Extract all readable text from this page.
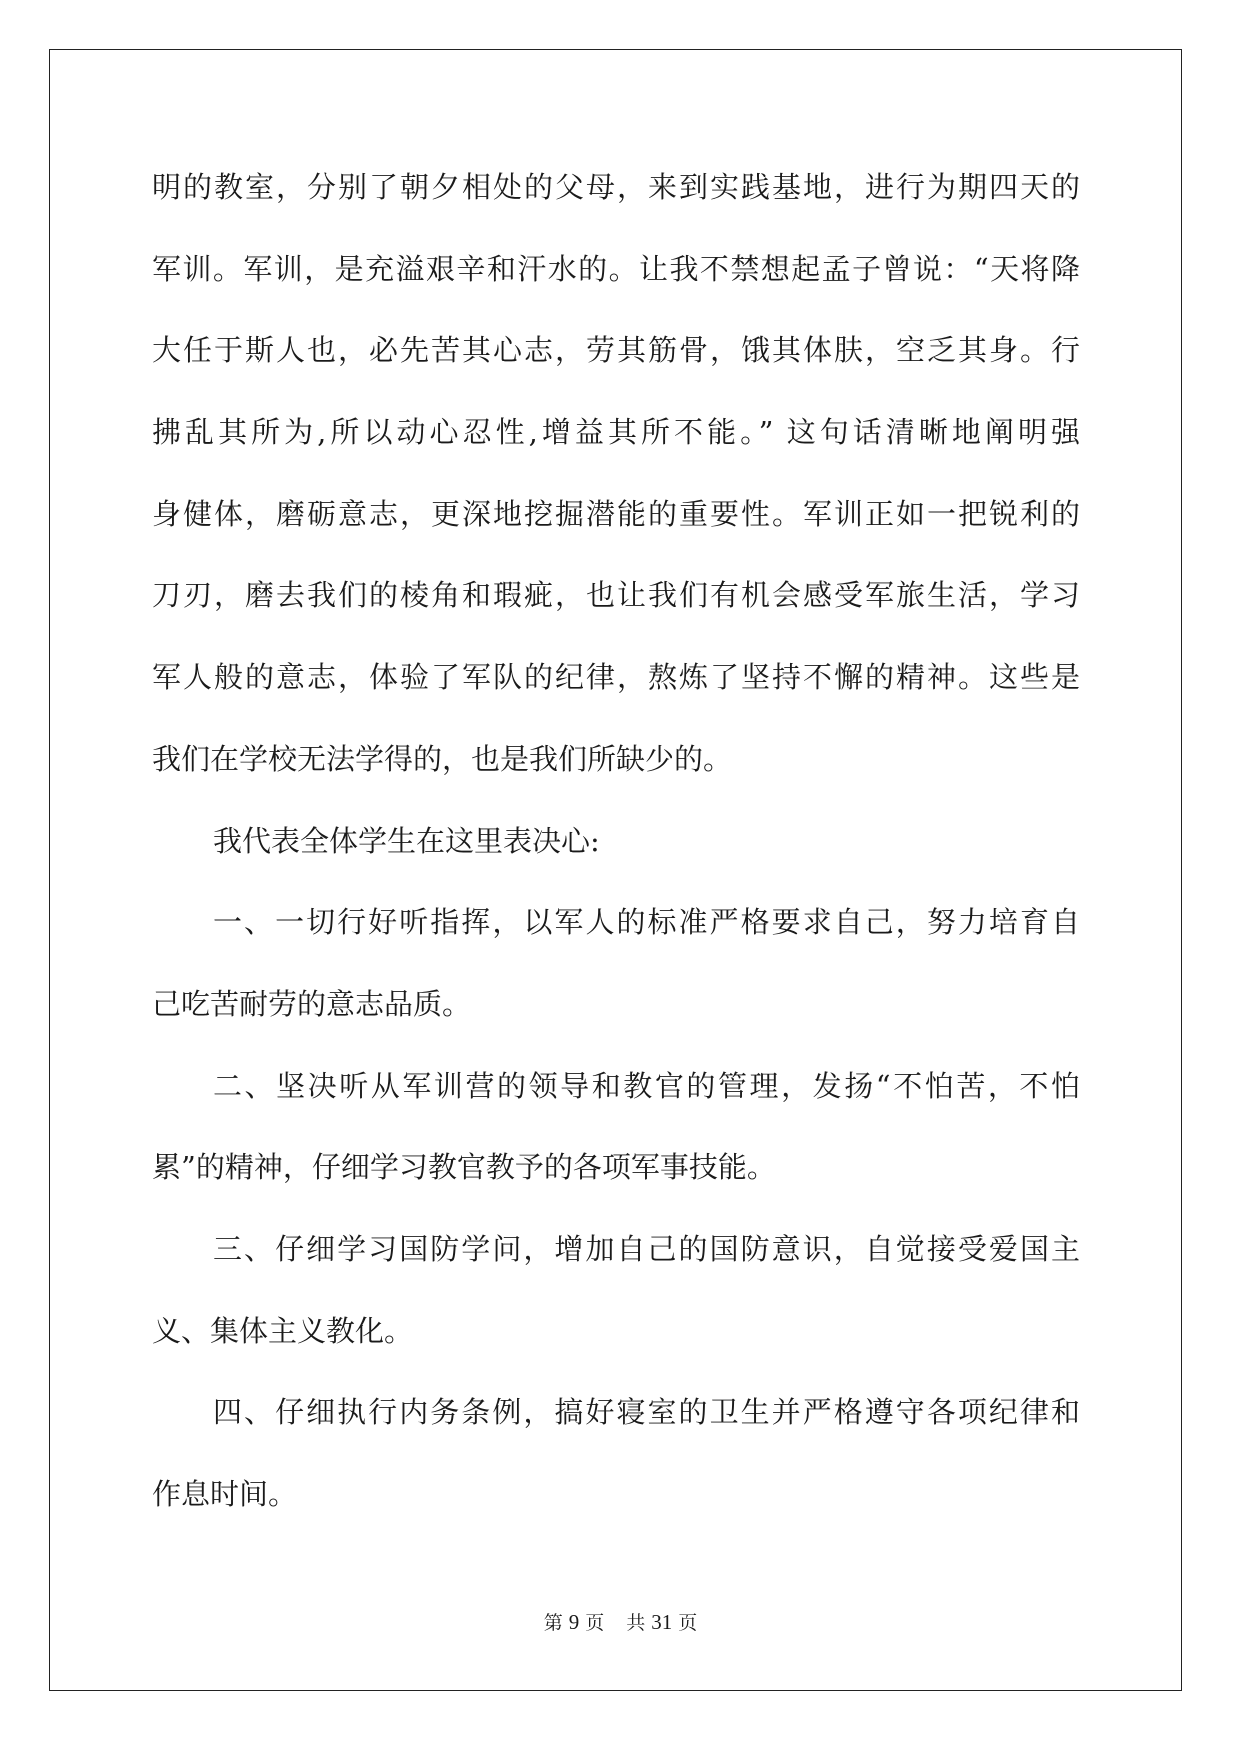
明的教室，分别了朝夕相处的父母，来到实践基地，进行为期四天的

军训。军训，是充溢艰辛和汗水的。让我不禁想起孟子曾说：“天将降

大任于斯人也，必先苦其心志，劳其筋骨，饿其体肤，空乏其身。行

拂乱其所为,所以动心忍性,增益其所不能。” 这句话清晰地阐明强

身健体，磨砺意志，更深地挖掘潜能的重要性。军训正如一把锐利的

刀刃，磨去我们的棱角和瑕疵，也让我们有机会感受军旅生活，学习

军人般的意志，体验了军队的纪律，熬炼了坚持不懈的精神。这些是

我们在学校无法学得的，也是我们所缺少的。

我代表全体学生在这里表决心:

一、一切行好听指挥，以军人的标准严格要求自己，努力培育自

己吃苦耐劳的意志品质。

二、坚决听从军训营的领导和教官的管理，发扬“不怕苦，不怕

累”的精神，仔细学习教官教予的各项军事技能。

三、仔细学习国防学问，增加自己的国防意识，自觉接受爱国主

义、集体主义教化。

四、仔细执行内务条例，搞好寝室的卫生并严格遵守各项纪律和

作息时间。

第 9 页 共 31 页
